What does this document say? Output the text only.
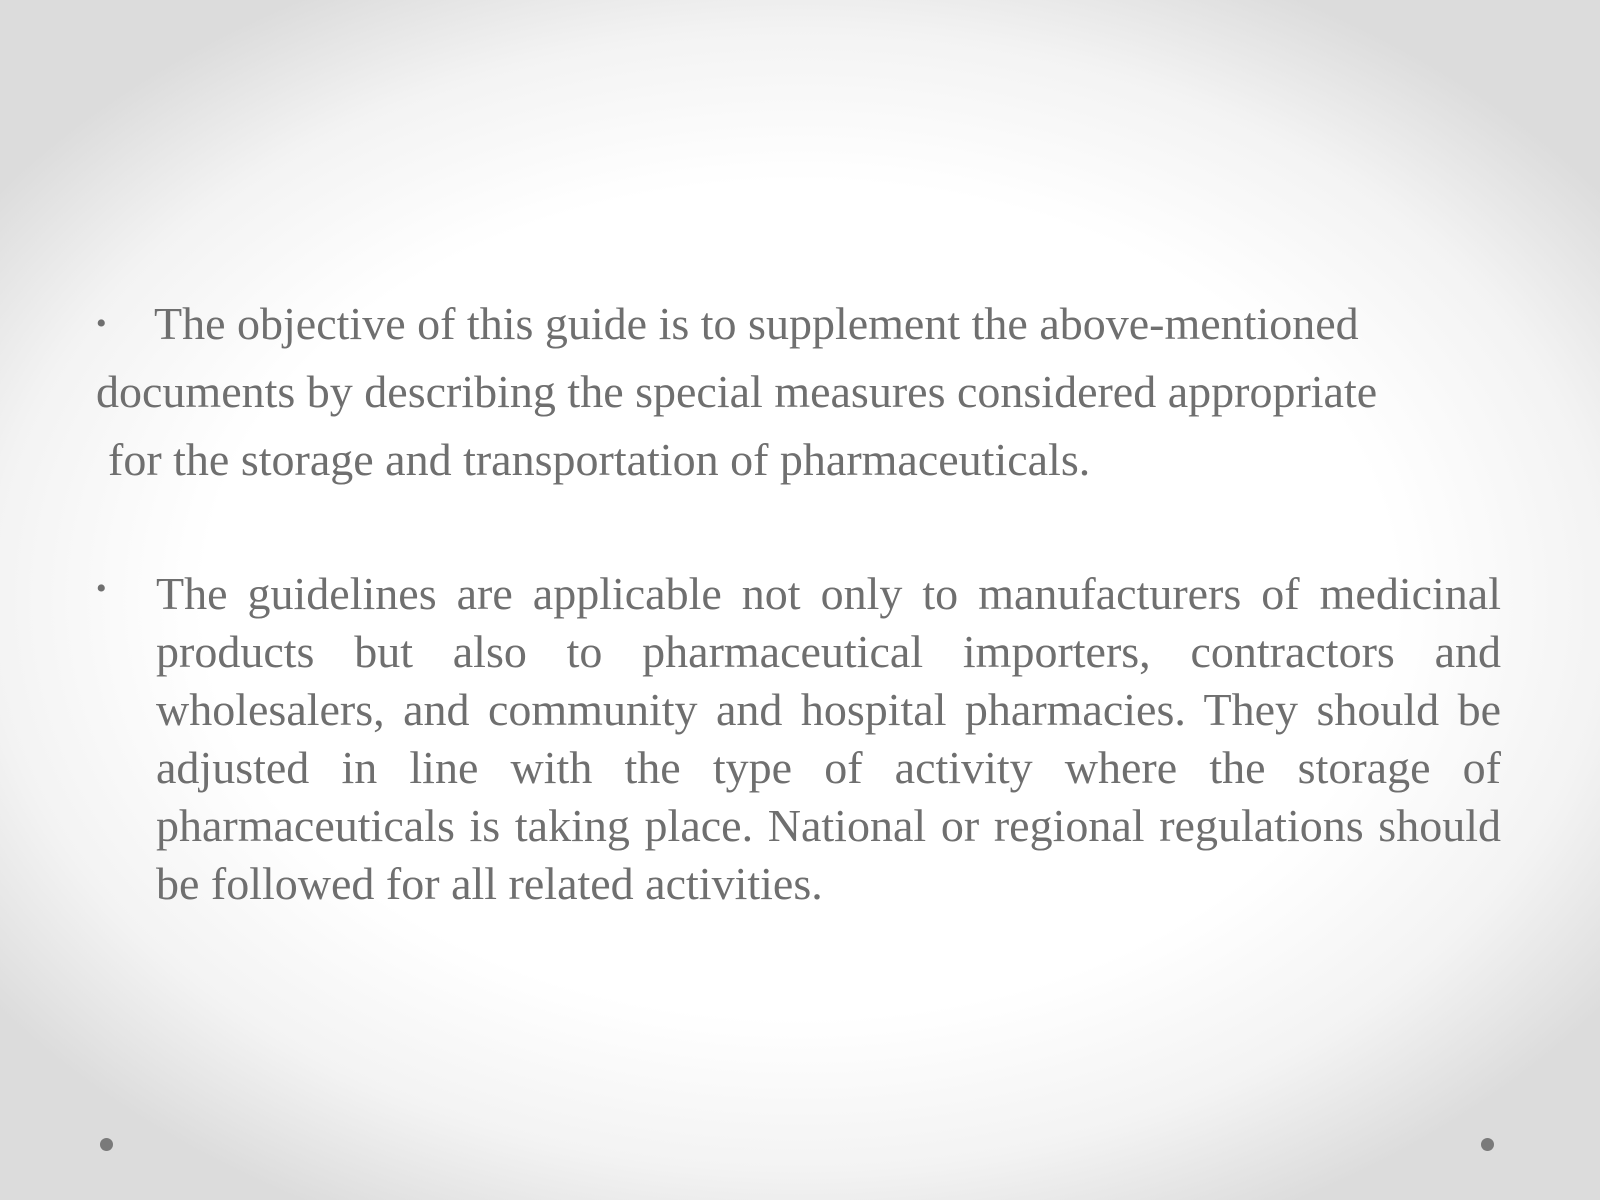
• The objective of this guide is to supplement the above-mentioned
documents by describing the special measures considered appropriate
for the storage and transportation of pharmaceuticals.
•	The guidelines are applicable not only to manufacturers of medicinal products but also to pharmaceutical importers, contractors and wholesalers, and community and hospital pharmacies. They should be adjusted in line with the type of activity where the storage of pharmaceuticals is taking place. National or regional regulations should be followed for all related activities.
